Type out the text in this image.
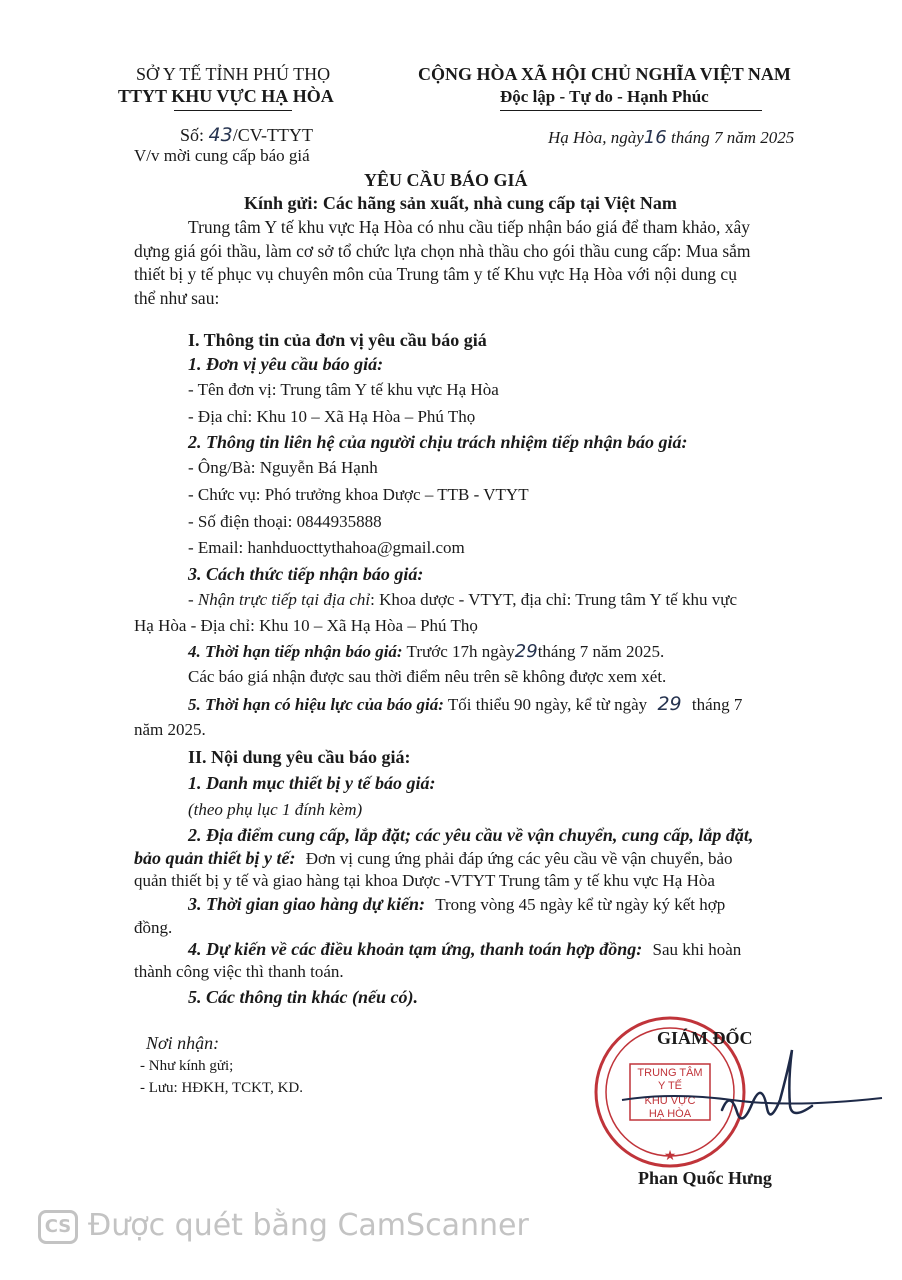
SỞ Y TẾ TỈNH PHÚ THỌ
TTYT KHU VỰC HẠ HÒA
CỘNG HÒA XÃ HỘI CHỦ NGHĨA VIỆT NAM
Độc lập - Tự do - Hạnh Phúc
Số: 43/CV-TTYT
V/v mời cung cấp báo giá
Hạ Hòa, ngày16 tháng 7 năm 2025
YÊU CẦU BÁO GIÁ
Kính gửi: Các hãng sản xuất, nhà cung cấp tại Việt Nam

Trung tâm Y tế khu vực Hạ Hòa có nhu cầu tiếp nhận báo giá để tham khảo, xây

dựng giá gói thầu, làm cơ sở tổ chức lựa chọn nhà thầu cho gói thầu cung cấp: Mua sắm

thiết bị y tế phục vụ chuyên môn của Trung tâm y tế Khu vực Hạ Hòa với nội dung cụ

thể như sau:

I. Thông tin của đơn vị yêu cầu báo giá
1. Đơn vị yêu cầu báo giá:
- Tên đơn vị: Trung tâm Y tế khu vực Hạ Hòa
- Địa chỉ: Khu 10 – Xã Hạ Hòa – Phú Thọ
2. Thông tin liên hệ của người chịu trách nhiệm tiếp nhận báo giá:
- Ông/Bà: Nguyễn Bá Hạnh
- Chức vụ: Phó trưởng khoa Dược – TTB - VTYT
- Số điện thoại: 0844935888
- Email: hanhduocttythahoa@gmail.com
3. Cách thức tiếp nhận báo giá:
- Nhận trực tiếp tại địa chỉ: Khoa dược - VTYT, địa chỉ: Trung tâm Y tế khu vực
Hạ Hòa - Địa chỉ: Khu 10 – Xã Hạ Hòa – Phú Thọ
4. Thời hạn tiếp nhận báo giá: Trước 17h ngày29tháng 7 năm 2025.
Các báo giá nhận được sau thời điểm nêu trên sẽ không được xem xét.
5. Thời hạn có hiệu lực của báo giá: Tối thiểu 90 ngày, kể từ ngày 29 tháng 7
năm 2025.
II. Nội dung yêu cầu báo giá:
1. Danh mục thiết bị y tế báo giá:
(theo phụ lục 1 đính kèm)
2. Địa điểm cung cấp, lắp đặt; các yêu cầu về vận chuyển, cung cấp, lắp đặt,
bảo quản thiết bị y tế: Đơn vị cung ứng phải đáp ứng các yêu cầu về vận chuyển, bảo
quản thiết bị y tế và giao hàng tại khoa Dược -VTYT Trung tâm y tế khu vực Hạ Hòa
3. Thời gian giao hàng dự kiến: Trong vòng 45 ngày kể từ ngày ký kết hợp
đồng.
4. Dự kiến về các điều khoản tạm ứng, thanh toán hợp đồng: Sau khi hoàn
thành công việc thì thanh toán.
5. Các thông tin khác (nếu có).
Nơi nhận:
- Như kính gửi;
- Lưu: HĐKH, TCKT, KD.
TRUNG TÂM
Y TẾ
KHU VỰC
HẠ HÒA
★
GIÁM ĐỐC
Phan Quốc Hưng
CS Được quét bằng CamScanner
